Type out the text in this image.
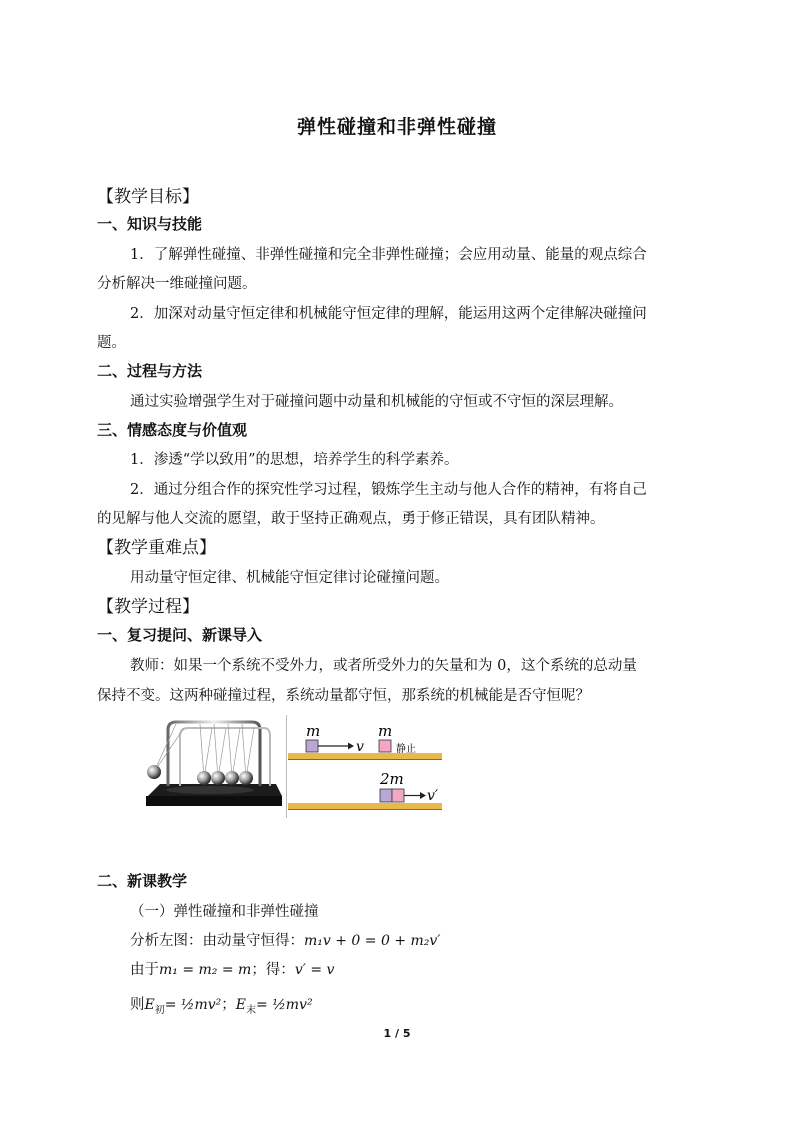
弹性碰撞和非弹性碰撞
【教学目标】
一、知识与技能
1．了解弹性碰撞、非弹性碰撞和完全非弹性碰撞；会应用动量、能量的观点综合
分析解决一维碰撞问题。
2．加深对动量守恒定律和机械能守恒定律的理解，能运用这两个定律解决碰撞问
题。
二、过程与方法
通过实验增强学生对于碰撞问题中动量和机械能的守恒或不守恒的深层理解。
三、情感态度与价值观
1．渗透“学以致用”的思想，培养学生的科学素养。
2．通过分组合作的探究性学习过程，锻炼学生主动与他人合作的精神，有将自己
的见解与他人交流的愿望，敢于坚持正确观点，勇于修正错误，具有团队精神。
【教学重难点】
用动量守恒定律、机械能守恒定律讨论碰撞问题。
【教学过程】
一、复习提问、新课导入
教师：如果一个系统不受外力，或者所受外力的矢量和为 0，这个系统的总动量
保持不变。这两种碰撞过程，系统动量都守恒，那系统的机械能是否守恒呢？
m
v
m
静止
2m
v′
二、新课教学
（一）弹性碰撞和非弹性碰撞
分析左图：由动量守恒得：m₁v + 0 = 0 + m₂v′
由于m₁ = m₂ = m；得：v′ = v
则$E_初=$ ½mv²；$E_末=$ ½mv²
1 / 5
